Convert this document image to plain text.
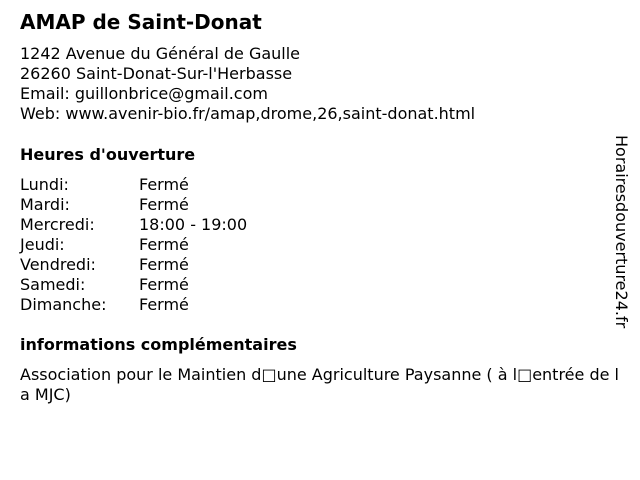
AMAP de Saint-Donat
1242 Avenue du Général de Gaulle
26260 Saint-Donat-Sur-l'Herbasse
Email: guillonbrice@gmail.com
Web: www.avenir-bio.fr/amap,drome,26,saint-donat.html
Heures d'ouverture
Lundi:	Fermé
Mardi:	Fermé
Mercredi:	18:00 - 19:00
Jeudi:	Fermé
Vendredi:	Fermé
Samedi:	Fermé
Dimanche: Fermé
informations complémentaires
Association pour le Maintien d□une Agriculture Paysanne ( à l□entrée de la MJC)
Horairesdouverture24.fr
